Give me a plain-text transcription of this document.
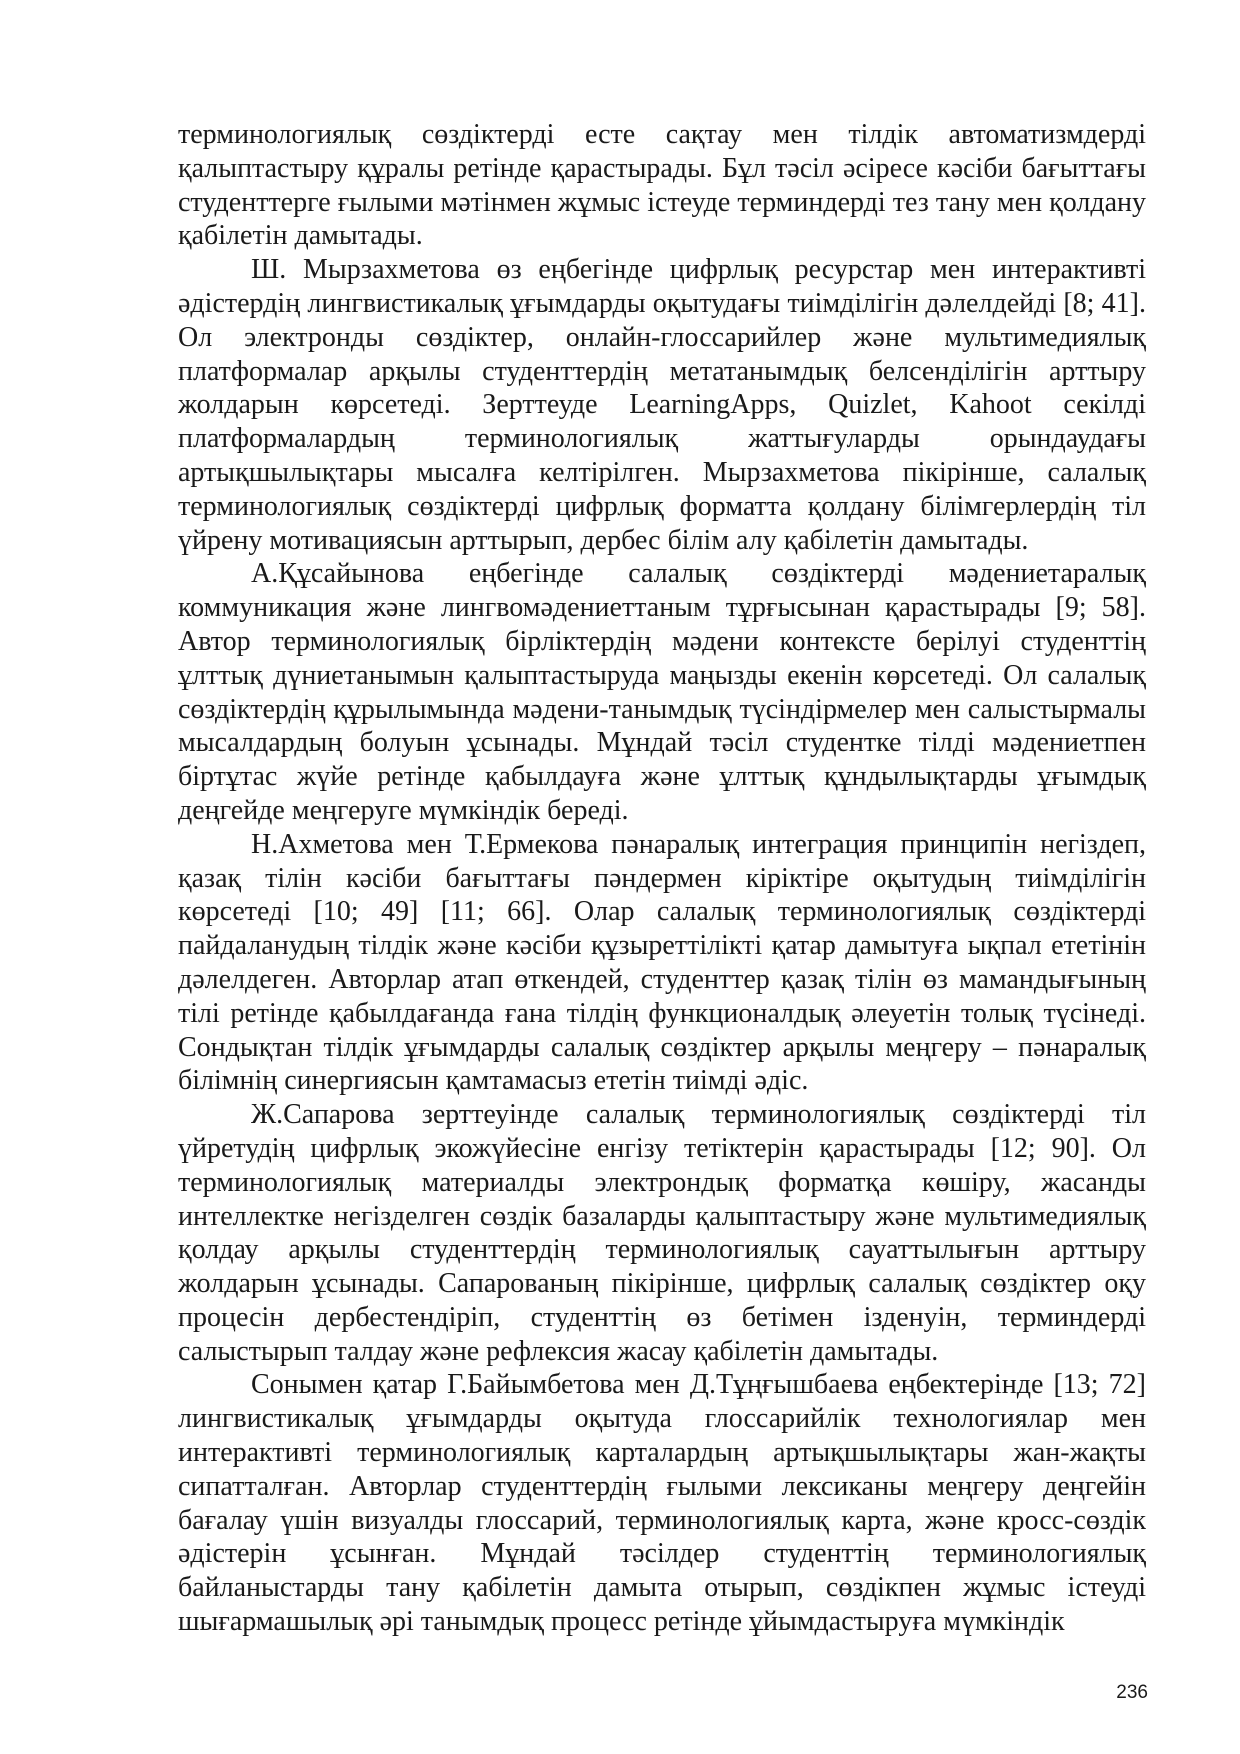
терминологиялық сөздіктерді есте сақтау мен тілдік автоматизмдерді қалыптастыру құралы ретінде қарастырады. Бұл тәсіл әсіресе кәсіби бағыттағы студенттерге ғылыми мәтінмен жұмыс істеуде терминдерді тез тану мен қолдану қабілетін дамытады.

Ш. Мырзахметова өз еңбегінде цифрлық ресурстар мен интерактивті әдістердің лингвистикалық ұғымдарды оқытудағы тиімділігін дәлелдейді [8; 41]. Ол электронды сөздіктер, онлайн-глоссарийлер және мультимедиялық платформалар арқылы студенттердің метатанымдық белсенділігін арттыру жолдарын көрсетеді. Зерттеуде LearningApps, Quizlet, Kahoot секілді платформалардың терминологиялық жаттығуларды орындаудағы артықшылықтары мысалға келтірілген. Мырзахметова пікірінше, салалық терминологиялық сөздіктерді цифрлық форматта қолдану білімгерлердің тіл үйрену мотивациясын арттырып, дербес білім алу қабілетін дамытады.

А.Құсайынова еңбегінде салалық сөздіктерді мәдениетаралық коммуникация және лингвомәдениеттаным тұрғысынан қарастырады [9; 58]. Автор терминологиялық бірліктердің мәдени контексте берілуі студенттің ұлттық дүниетанымын қалыптастыруда маңызды екенін көрсетеді. Ол салалық сөздіктердің құрылымында мәдени-танымдық түсіндірмелер мен салыстырмалы мысалдардың болуын ұсынады. Мұндай тәсіл студентке тілді мәдениетпен біртұтас жүйе ретінде қабылдауға және ұлттық құндылықтарды ұғымдық деңгейде меңгеруге мүмкіндік береді.

Н.Ахметова мен Т.Ермекова пәнаралық интеграция принципін негіздеп, қазақ тілін кәсіби бағыттағы пәндермен кіріктіре оқытудың тиімділігін көрсетеді [10; 49] [11; 66]. Олар салалық терминологиялық сөздіктерді пайдаланудың тілдік және кәсіби құзыреттілікті қатар дамытуға ықпал ететінін дәлелдеген. Авторлар атап өткендей, студенттер қазақ тілін өз мамандығының тілі ретінде қабылдағанда ғана тілдің функционалдық әлеуетін толық түсінеді. Сондықтан тілдік ұғымдарды салалық сөздіктер арқылы меңгеру – пәнаралық білімнің синергиясын қамтамасыз ететін тиімді әдіс.

Ж.Сапарова зерттеуінде салалық терминологиялық сөздіктерді тіл үйретудің цифрлық экожүйесіне енгізу тетіктерін қарастырады [12; 90]. Ол терминологиялық материалды электрондық форматқа көшіру, жасанды интеллектке негізделген сөздік базаларды қалыптастыру және мультимедиялық қолдау арқылы студенттердің терминологиялық сауаттылығын арттыру жолдарын ұсынады. Сапарованың пікірінше, цифрлық салалық сөздіктер оқу процесін дербестендіріп, студенттің өз бетімен ізденуін, терминдерді салыстырып талдау және рефлексия жасау қабілетін дамытады.

Сонымен қатар Г.Байымбетова мен Д.Тұңғышбаева еңбектерінде [13; 72] лингвистикалық ұғымдарды оқытуда глоссарийлік технологиялар мен интерактивті терминологиялық карталардың артықшылықтары жан-жақты сипатталған. Авторлар студенттердің ғылыми лексиканы меңгеру деңгейін бағалау үшін визуалды глоссарий, терминологиялық карта, және кросс-сөздік әдістерін ұсынған. Мұндай тәсілдер студенттің терминологиялық байланыстарды тану қабілетін дамыта отырып, сөздікпен жұмыс істеуді шығармашылық әрі танымдық процесс ретінде ұйымдастыруға мүмкіндік

236
